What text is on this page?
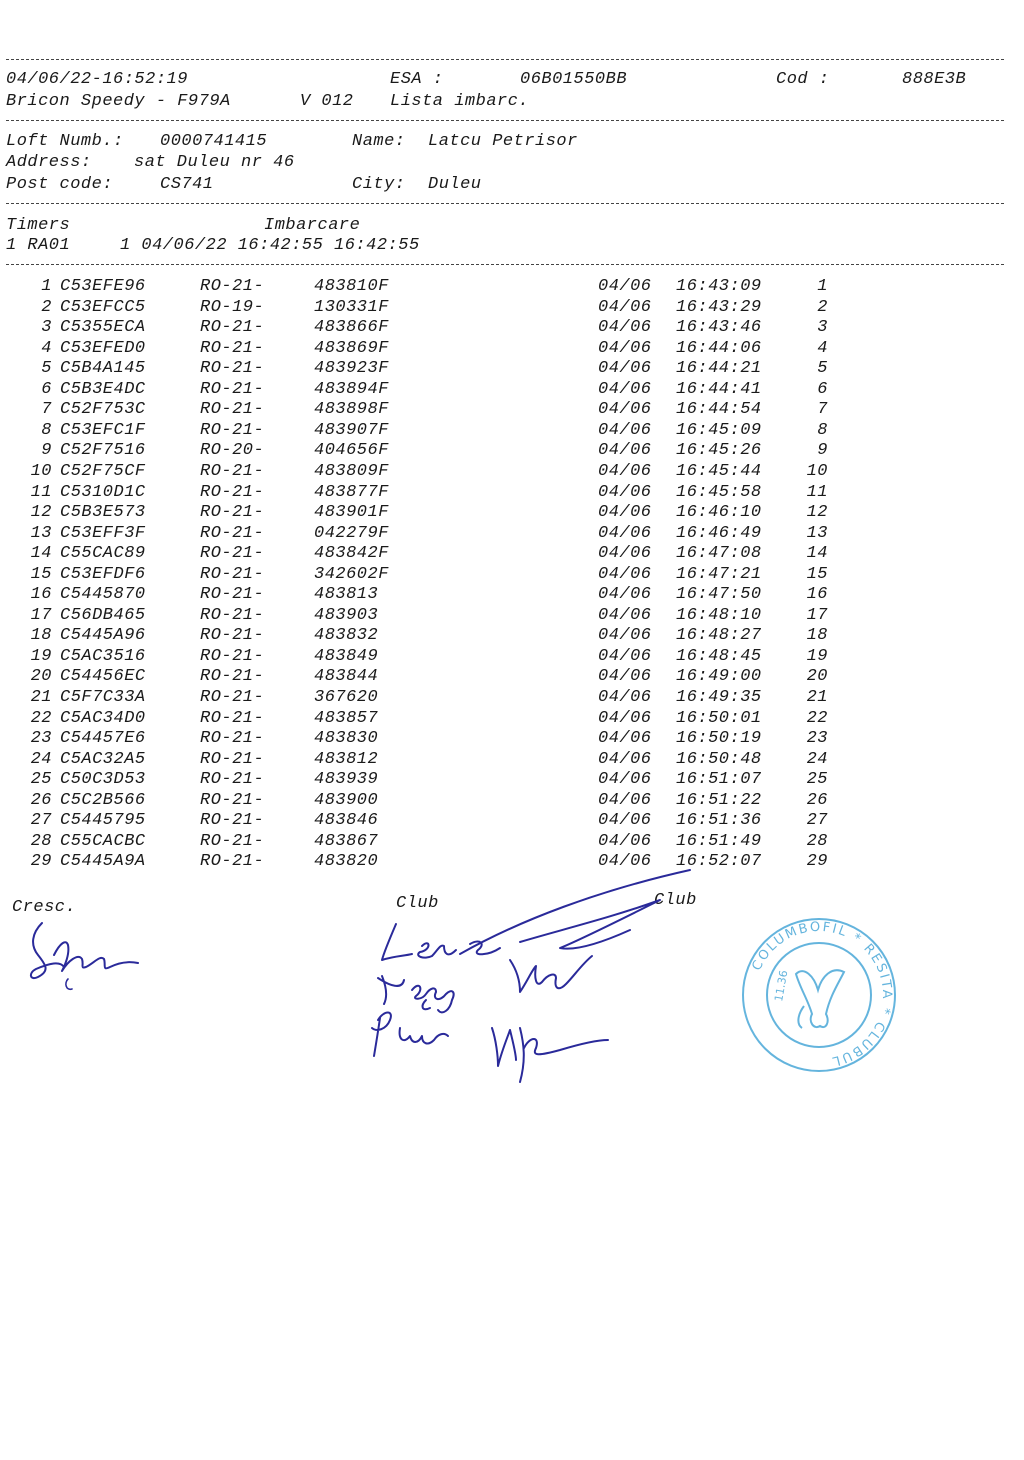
04/06/22-16:52:19	ESA :	06B01550BB	Cod :	888E3B
Bricon Speedy - F979A	V 012 Lista imbarc.
Loft Numb.: 0000741415	Name: Latcu Petrisor
Address: sat Duleu nr 46
Post code:	CS741	City: Duleu
Timers	Imbarcare
1 RA01	1 04/06/22 16:42:55 16:42:55
1 C53EFE96	RO-21-	483810F	04/06 16:43:09	1
2 C53EFCC5	RO-19-	130331F	04/06 16:43:29	2
3 C5355ECA	RO-21-	483866F	04/06 16:43:46	3
4 C53EFED0	RO-21-	483869F	04/06 16:44:06	4
5 C5B4A145	RO-21-	483923F	04/06 16:44:21	5
6 C5B3E4DC	RO-21-	483894F	04/06 16:44:41	6
7 C52F753C	RO-21-	483898F	04/06 16:44:54	7
8 C53EFC1F	RO-21-	483907F	04/06 16:45:09	8
9 C52F7516	RO-20-	404656F	04/06 16:45:26	9
10 C52F75CF	RO-21-	483809F	04/06 16:45:44	10
11 C5310D1C	RO-21-	483877F	04/06 16:45:58	11
12 C5B3E573	RO-21-	483901F	04/06 16:46:10	12
13 C53EFF3F	RO-21-	042279F	04/06 16:46:49	13
14 C55CAC89	RO-21-	483842F	04/06 16:47:08	14
15 C53EFDF6	RO-21-	342602F	04/06 16:47:21	15
16 C5445870	RO-21-	483813	04/06 16:47:50	16
17 C56DB465	RO-21-	483903	04/06 16:48:10	17
18 C5445A96	RO-21-	483832	04/06 16:48:27	18
19 C5AC3516	RO-21-	483849	04/06 16:48:45	19
20 C54456EC	RO-21-	483844	04/06 16:49:00	20
21 C5F7C33A	RO-21-	367620	04/06 16:49:35	21
22 C5AC34D0	RO-21-	483857	04/06 16:50:01	22
23 C54457E6	RO-21-	483830	04/06 16:50:19	23
24 C5AC32A5	RO-21-	483812	04/06 16:50:48	24
25 C50C3D53	RO-21-	483939	04/06 16:51:07	25
26 C5C2B566	RO-21-	483900	04/06 16:51:22	26
27 C5445795	RO-21-	483846	04/06 16:51:36	27
28 C55CACBC	RO-21-	483867	04/06 16:51:49	28
29 C5445A9A	RO-21-	483820	04/06 16:52:07	29
Cresc.	Club	Club
COLUMBOFIL * RESITA * CLUBUL
11.36
